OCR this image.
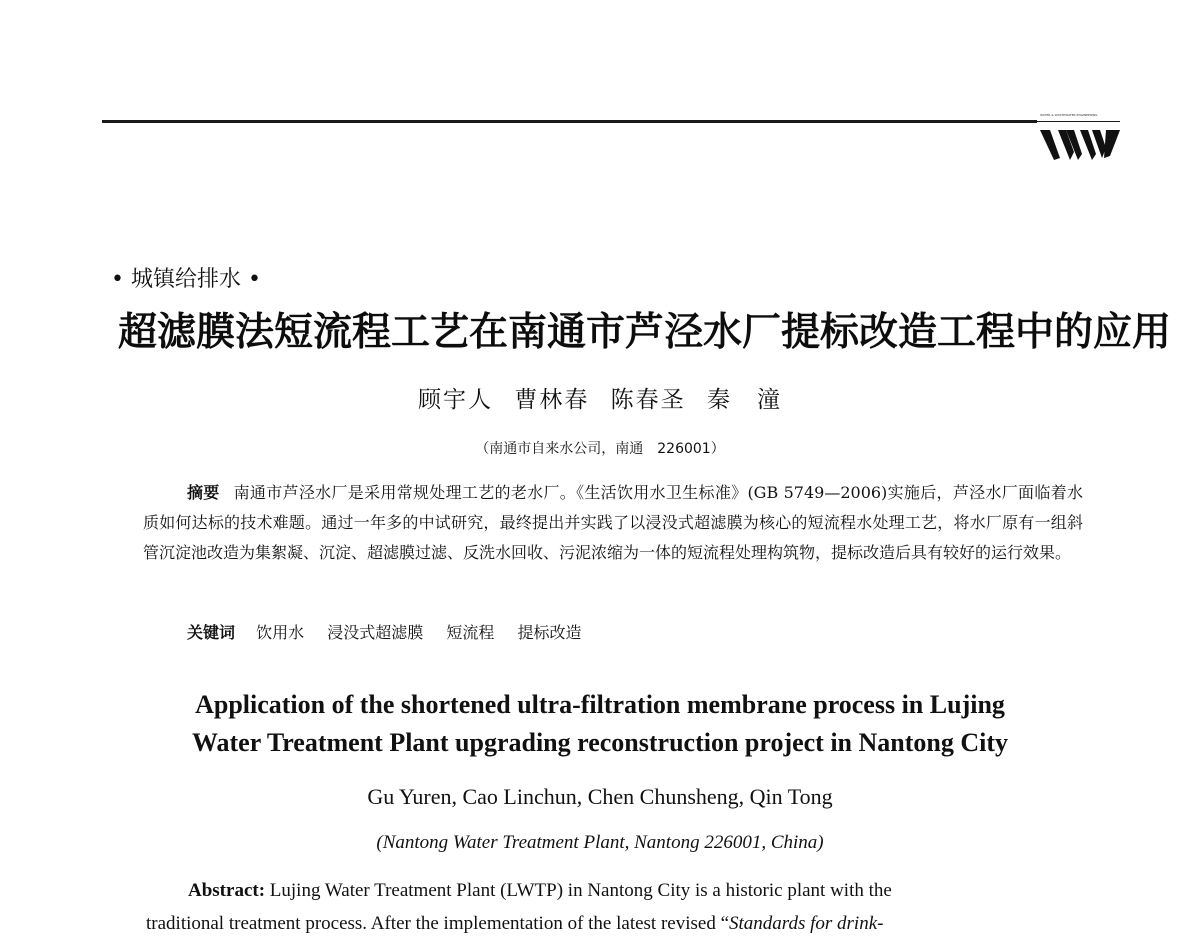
WATER & WASTEWATER ENGINEERING
• 城镇给排水 •
超滤膜法短流程工艺在南通市芦泾水厂提标改造工程中的应用
顾宇人 曹林春 陈春圣 秦　潼
（南通市自来水公司，南通　226001）
摘要 南通市芦泾水厂是采用常规处理工艺的老水厂。《生活饮用水卫生标准》(GB 5749—2006)实施后，芦泾水厂面临着水质如何达标的技术难题。通过一年多的中试研究，最终提出并实践了以浸没式超滤膜为核心的短流程水处理工艺，将水厂原有一组斜管沉淀池改造为集絮凝、沉淀、超滤膜过滤、反洗水回收、污泥浓缩为一体的短流程处理构筑物，提标改造后具有较好的运行效果。
关键词 饮用水 浸没式超滤膜 短流程 提标改造
Application of the shortened ultra-filtration membrane process in Lujing
Water Treatment Plant upgrading reconstruction project in Nantong City
Gu Yuren, Cao Linchun, Chen Chunsheng, Qin Tong
(Nantong Water Treatment Plant, Nantong 226001, China)
Abstract: Lujing Water Treatment Plant (LWTP) in Nantong City is a historic plant with the
traditional treatment process. After the implementation of the latest revised “Standards for drink-
